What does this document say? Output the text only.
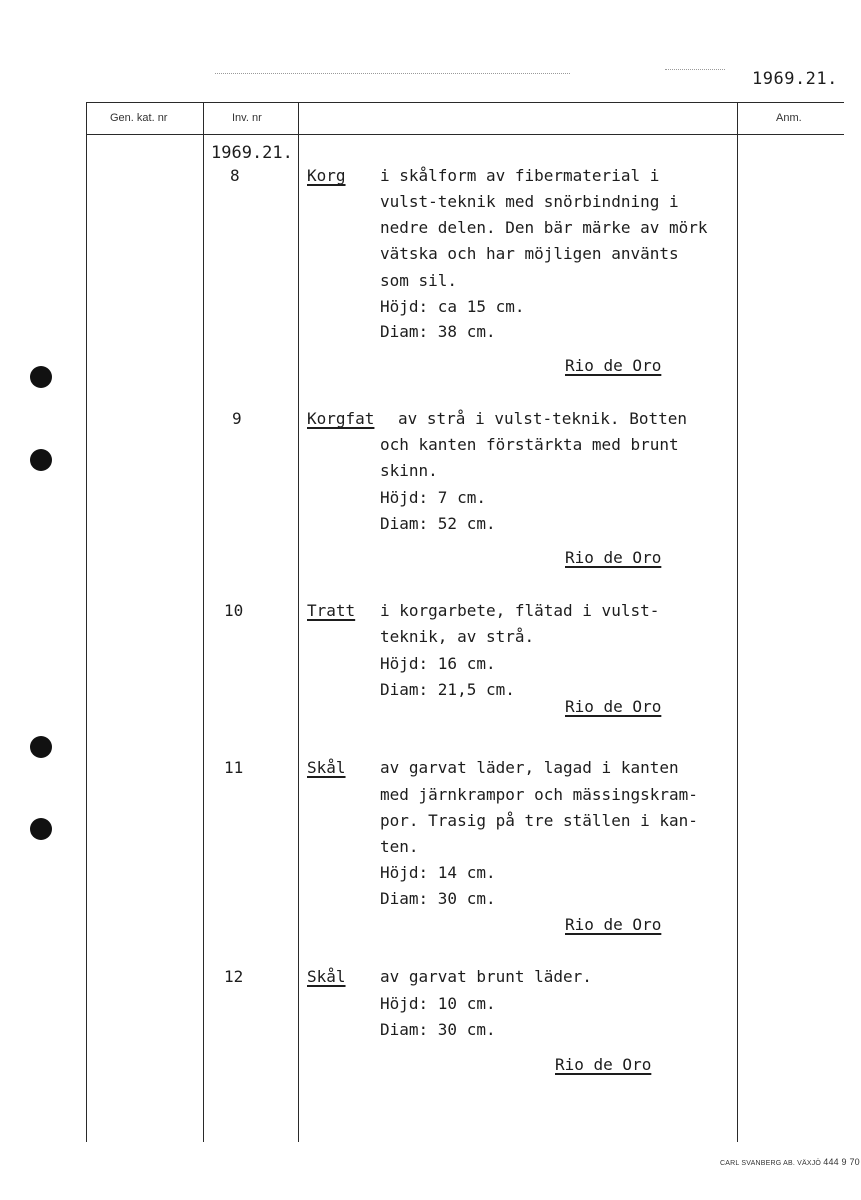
1969.21.
Gen. kat. nr	Inv. nr	Anm.
1969.21.
8	Korg i skålform av fibermaterial i
vulst-teknik med snörbindning i
nedre delen. Den bär märke av mörk
vätska och har möjligen använts
som sil.
Höjd: ca 15 cm.
Diam: 38 cm.
Rio de Oro
9	Korgfat av strå i vulst-teknik. Botten
och kanten förstärkta med brunt
skinn.
Höjd: 7 cm.
Diam: 52 cm.
Rio de Oro
10	Tratt i korgarbete, flätad i vulst-
teknik, av strå.
Höjd: 16 cm.
Diam: 21,5 cm.
Rio de Oro
11	Skål av garvat läder, lagad i kanten
med järnkrampor och mässingskram-
por. Trasig på tre ställen i kan-
ten.
Höjd: 14 cm.
Diam: 30 cm.
Rio de Oro
12	Skål av garvat brunt läder.
Höjd: 10 cm.
Diam: 30 cm.
Rio de Oro
CARL SVANBERG AB. VÄXJÖ 444 9 70
